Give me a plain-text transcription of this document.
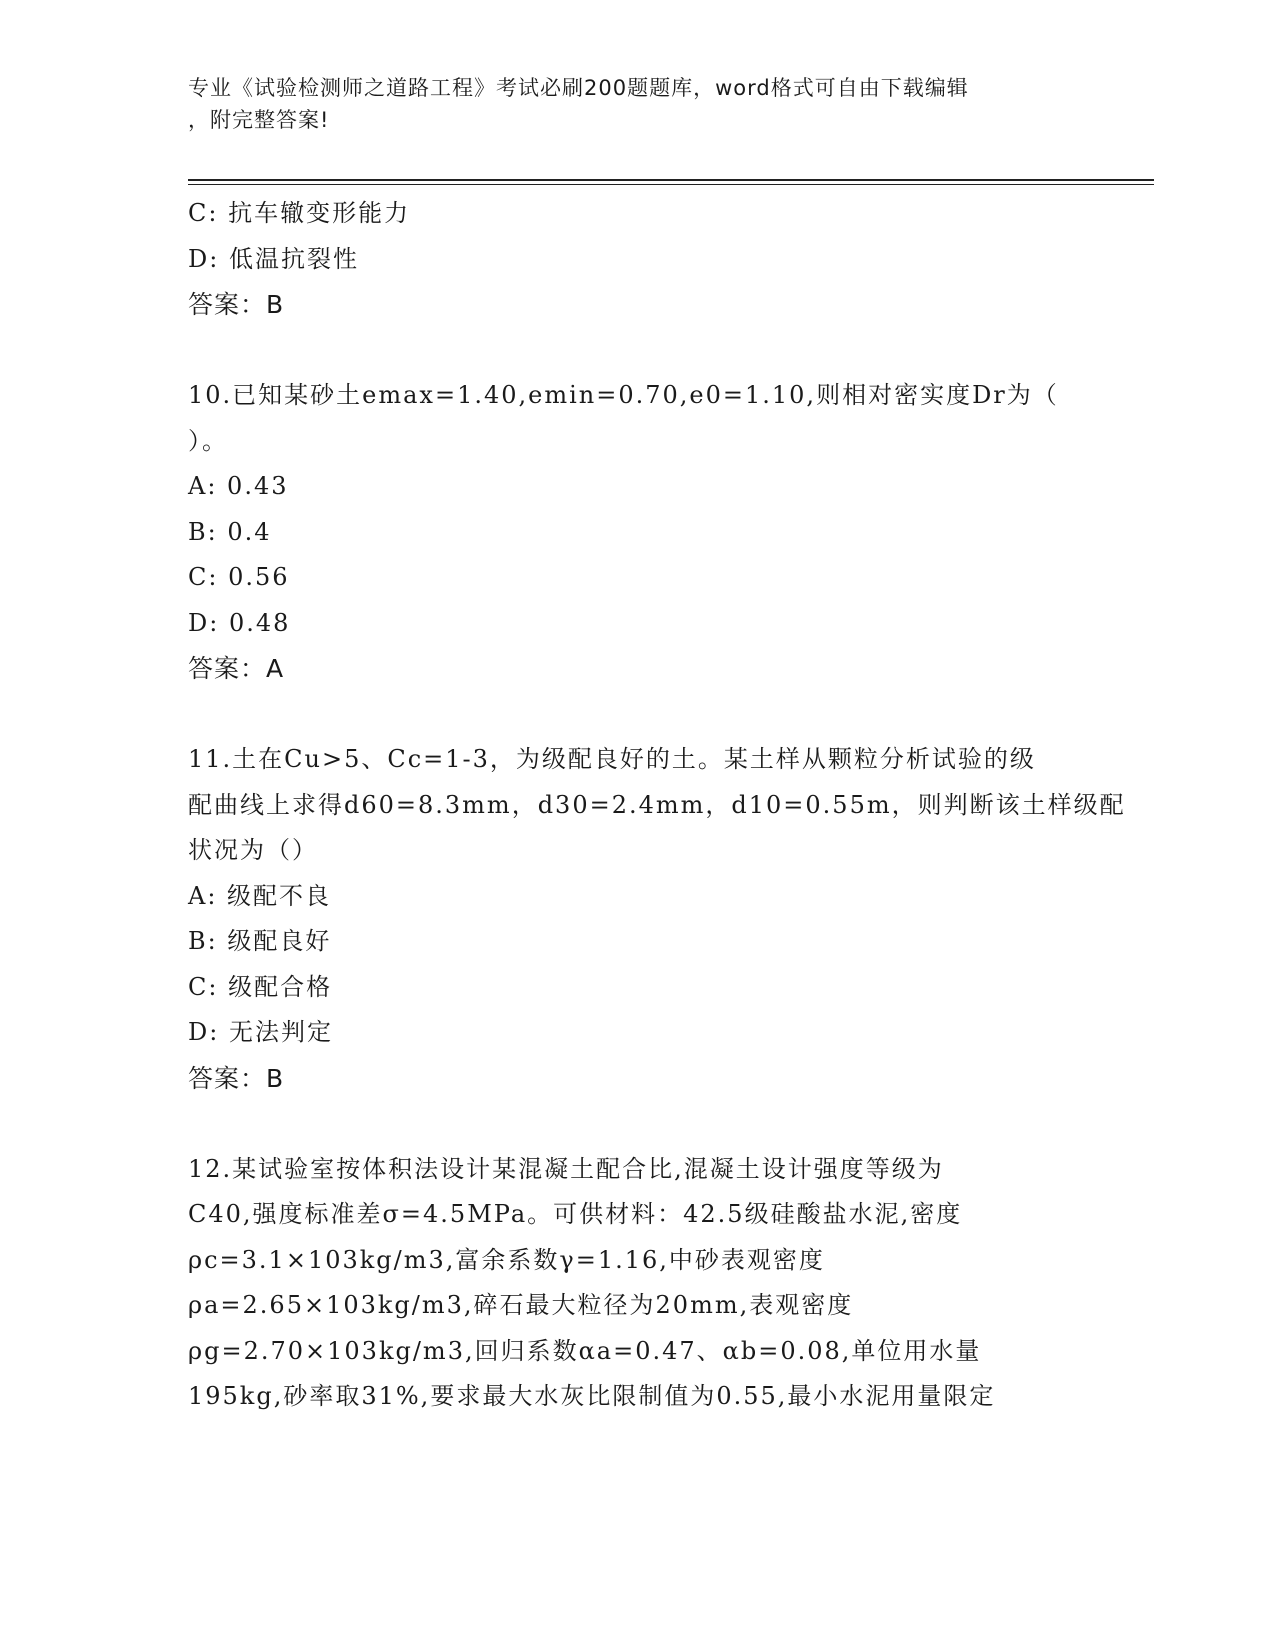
专业《试验检测师之道路工程》考试必刷200题题库，word格式可自由下载编辑
，附完整答案!
C: 抗车辙变形能力
D: 低温抗裂性
答案：B
10.已知某砂土emax=1.40,emin=0.70,e0=1.10,则相对密实度Dr为（
）。
A: 0.43
B: 0.4
C: 0.56
D: 0.48
答案：A
11.土在Cu>5、Cc=1-3，为级配良好的土。某土样从颗粒分析试验的级
配曲线上求得d60=8.3mm，d30=2.4mm，d10=0.55m，则判断该土样级配
状况为（）
A: 级配不良
B: 级配良好
C: 级配合格
D: 无法判定
答案：B
12.某试验室按体积法设计某混凝土配合比,混凝土设计强度等级为
C40,强度标准差σ=4.5MPa。可供材料：42.5级硅酸盐水泥,密度
ρc=3.1×103kg/m3,富余系数γ=1.16,中砂表观密度
ρa=2.65×103kg/m3,碎石最大粒径为20mm,表观密度
ρg=2.70×103kg/m3,回归系数αa=0.47、αb=0.08,单位用水量
195kg,砂率取31%,要求最大水灰比限制值为0.55,最小水泥用量限定
